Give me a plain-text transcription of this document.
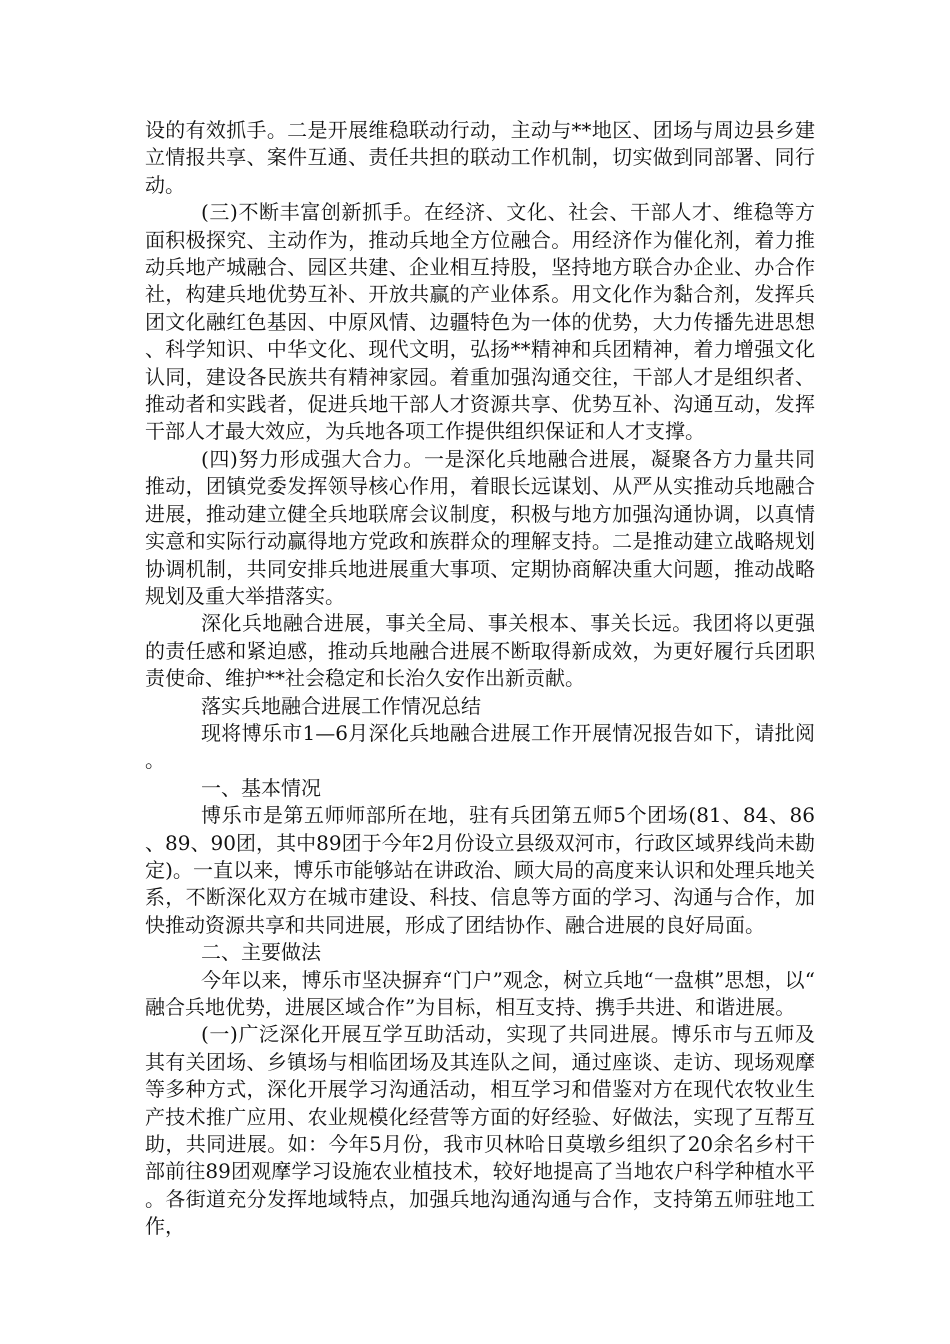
设的有效抓手。二是开展维稳联动行动，主动与**地区、团场与周边县乡建立情报共享、案件互通、责任共担的联动工作机制，切实做到同部署、同行动。

(三)不断丰富创新抓手。在经济、文化、社会、干部人才、维稳等方面积极探究、主动作为，推动兵地全方位融合。用经济作为催化剂，着力推动兵地产城融合、园区共建、企业相互持股，坚持地方联合办企业、办合作社，构建兵地优势互补、开放共赢的产业体系。用文化作为黏合剂，发挥兵团文化融红色基因、中原风情、边疆特色为一体的优势，大力传播先进思想、科学知识、中华文化、现代文明，弘扬**精神和兵团精神，着力增强文化认同，建设各民族共有精神家园。着重加强沟通交往，干部人才是组织者、推动者和实践者，促进兵地干部人才资源共享、优势互补、沟通互动，发挥干部人才最大效应，为兵地各项工作提供组织保证和人才支撑。

(四)努力形成强大合力。一是深化兵地融合进展，凝聚各方力量共同推动，团镇党委发挥领导核心作用，着眼长远谋划、从严从实推动兵地融合进展，推动建立健全兵地联席会议制度，积极与地方加强沟通协调，以真情实意和实际行动赢得地方党政和族群众的理解支持。二是推动建立战略规划协调机制，共同安排兵地进展重大事项、定期协商解决重大问题，推动战略规划及重大举措落实。

深化兵地融合进展，事关全局、事关根本、事关长远。我团将以更强的责任感和紧迫感，推动兵地融合进展不断取得新成效，为更好履行兵团职责使命、维护**社会稳定和长治久安作出新贡献。

落实兵地融合进展工作情况总结

现将博乐市1—6月深化兵地融合进展工作开展情况报告如下，请批阅。

一、基本情况

博乐市是第五师师部所在地，驻有兵团第五师5个团场(81、84、86、89、90团，其中89团于今年2月份设立县级双河市，行政区域界线尚未勘定)。一直以来，博乐市能够站在讲政治、顾大局的高度来认识和处理兵地关系，不断深化双方在城市建设、科技、信息等方面的学习、沟通与合作，加快推动资源共享和共同进展，形成了团结协作、融合进展的良好局面。

二、主要做法

今年以来，博乐市坚决摒弃“门户”观念，树立兵地“一盘棋”思想，以“融合兵地优势，进展区域合作”为目标，相互支持、携手共进、和谐进展。

(一)广泛深化开展互学互助活动，实现了共同进展。博乐市与五师及其有关团场、乡镇场与相临团场及其连队之间，通过座谈、走访、现场观摩等多种方式，深化开展学习沟通活动，相互学习和借鉴对方在现代农牧业生产技术推广应用、农业规模化经营等方面的好经验、好做法，实现了互帮互助，共同进展。如：今年5月份，我市贝林哈日莫墩乡组织了20余名乡村干部前往89团观摩学习设施农业植技术，较好地提高了当地农户科学种植水平。各街道充分发挥地域特点，加强兵地沟通沟通与合作，支持第五师驻地工作，
